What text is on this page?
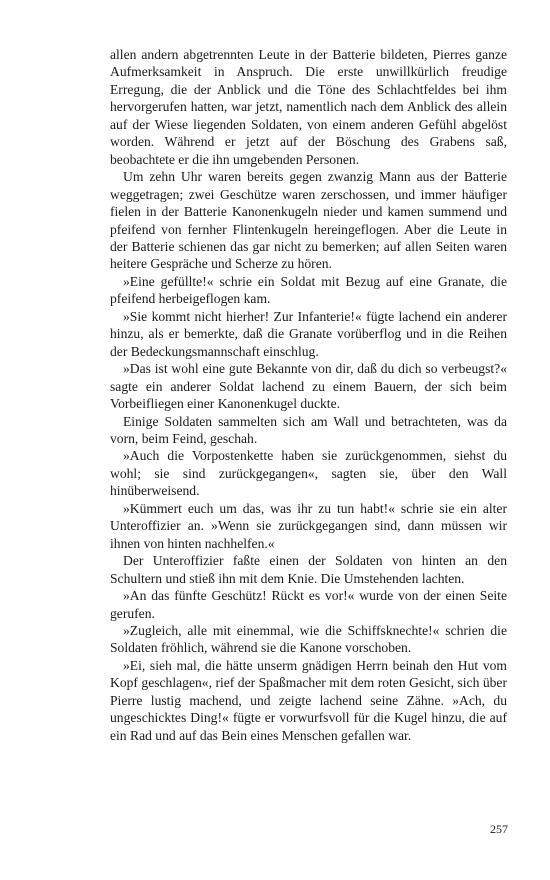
allen andern abgetrennten Leute in der Batterie bildeten, Pierres ganze Aufmerksamkeit in Anspruch. Die erste unwillkürlich freudige Erregung, die der Anblick und die Töne des Schlachtfeldes bei ihm hervorgerufen hatten, war jetzt, namentlich nach dem Anblick des allein auf der Wiese liegenden Soldaten, von einem anderen Gefühl abgelöst worden. Während er jetzt auf der Böschung des Grabens saß, beobachtete er die ihn umgebenden Personen.

Um zehn Uhr waren bereits gegen zwanzig Mann aus der Batterie weggetragen; zwei Geschütze waren zerschossen, und immer häufiger fielen in der Batterie Kanonenkugeln nieder und kamen summend und pfeifend von fernher Flintenkugeln hereingeflogen. Aber die Leute in der Batterie schienen das gar nicht zu bemerken; auf allen Seiten waren heitere Gespräche und Scherze zu hören.

»Eine gefüllte!« schrie ein Soldat mit Bezug auf eine Granate, die pfeifend herbeigeflogen kam.

»Sie kommt nicht hierher! Zur Infanterie!« fügte lachend ein anderer hinzu, als er bemerkte, daß die Granate vorüberflog und in die Reihen der Bedeckungsmannschaft einschlug.

»Das ist wohl eine gute Bekannte von dir, daß du dich so verbeugst?« sagte ein anderer Soldat lachend zu einem Bauern, der sich beim Vorbeifliegen einer Kanonenkugel duckte.

Einige Soldaten sammelten sich am Wall und betrachteten, was da vorn, beim Feind, geschah.

»Auch die Vorpostenkette haben sie zurückgenommen, siehst du wohl; sie sind zurückgegangen«, sagten sie, über den Wall hinüberweisend.

»Kümmert euch um das, was ihr zu tun habt!« schrie sie ein alter Unteroffizier an. »Wenn sie zurückgegangen sind, dann müssen wir ihnen von hinten nachhelfen.«

Der Unteroffizier faßte einen der Soldaten von hinten an den Schultern und stieß ihn mit dem Knie. Die Umstehenden lachten.

»An das fünfte Geschütz! Rückt es vor!« wurde von der einen Seite gerufen.

»Zugleich, alle mit einemmal, wie die Schiffsknechte!« schrien die Soldaten fröhlich, während sie die Kanone vorschoben.

»Ei, sieh mal, die hätte unserm gnädigen Herrn beinah den Hut vom Kopf geschlagen«, rief der Spaßmacher mit dem roten Gesicht, sich über Pierre lustig machend, und zeigte lachend seine Zähne. »Ach, du ungeschicktes Ding!« fügte er vorwurfsvoll für die Kugel hinzu, die auf ein Rad und auf das Bein eines Menschen gefallen war.

257
